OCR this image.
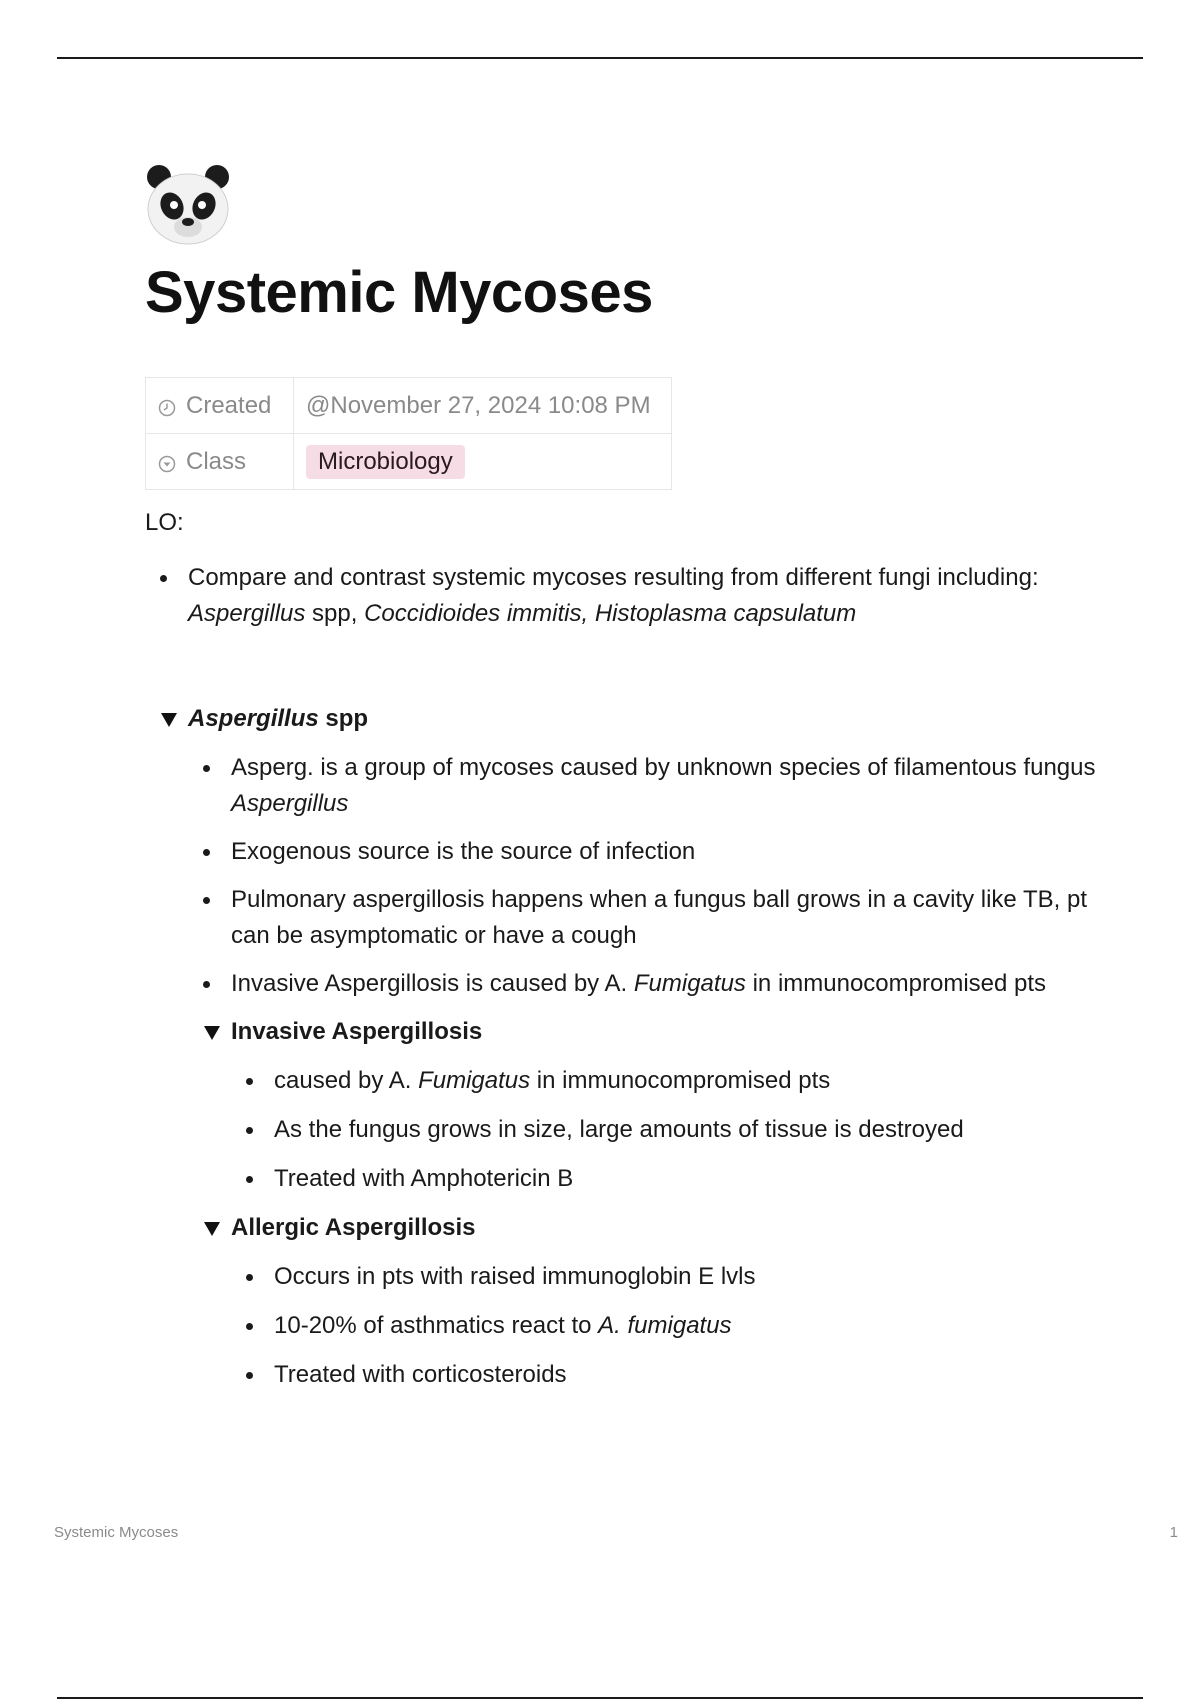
Systemic Mycoses
Created	@November 27, 2024 10:08 PM
Class	Microbiology

LO:

Compare and contrast systemic mycoses resulting from different fungi including: Aspergillus spp, Coccidioides immitis, Histoplasma capsulatum

Aspergillus spp

Asperg. is a group of mycoses caused by unknown species of filamentous fungus Aspergillus
Exogenous source is the source of infection
Pulmonary aspergillosis happens when a fungus ball grows in a cavity like TB, pt can be asymptomatic or have a cough
Invasive Aspergillosis is caused by A. Fumigatus in immunocompromised pts

Invasive Aspergillosis

caused by A. Fumigatus in immunocompromised pts
As the fungus grows in size, large amounts of tissue is destroyed
Treated with Amphotericin B

Allergic Aspergillosis

Occurs in pts with raised immunoglobin E lvls
10-20% of asthmatics react to A. fumigatus
Treated with corticosteroids
Systemic Mycoses	1
